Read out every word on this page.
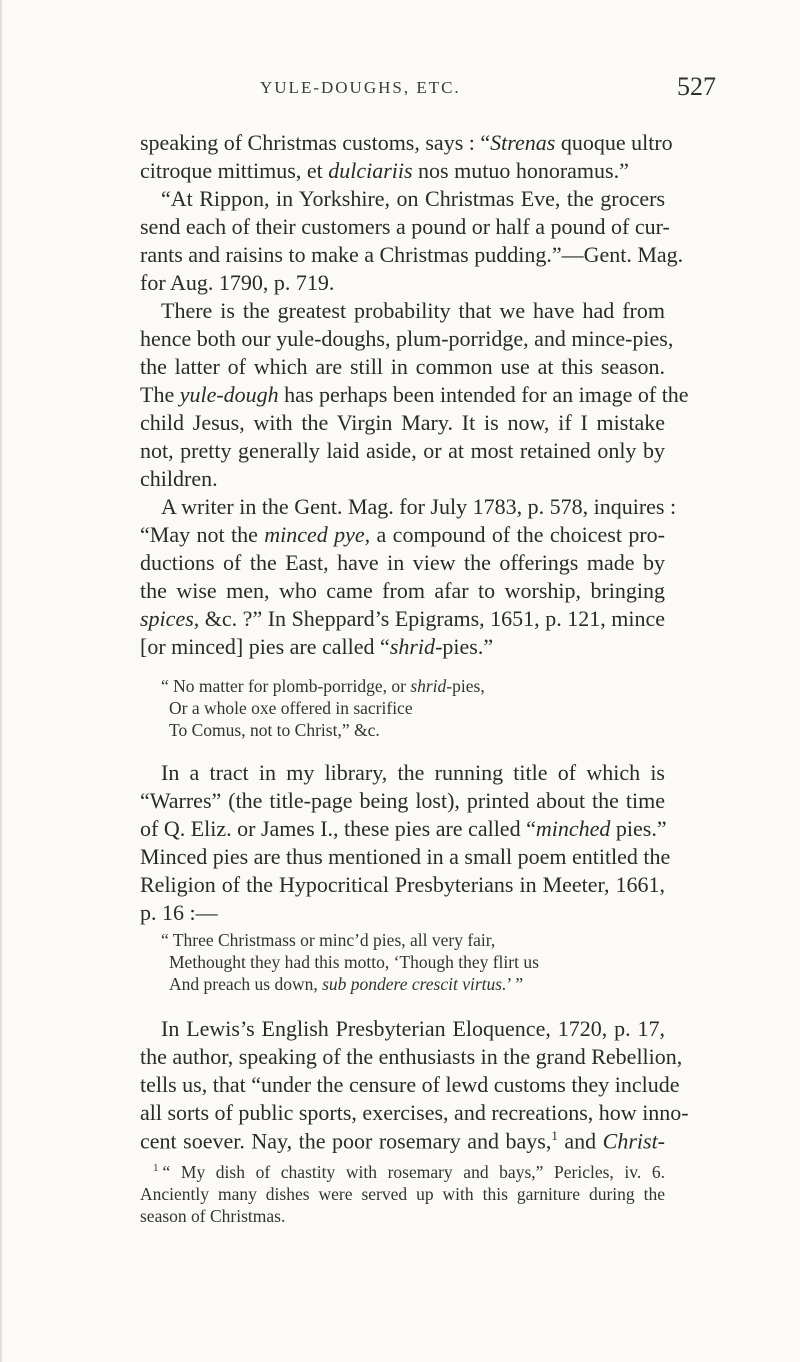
YULE-DOUGHS, ETC.	527
speaking of Christmas customs, says : “Strenas quoque ultro
citroque mittimus, et dulciariis nos mutuo honoramus.”
“At Rippon, in Yorkshire, on Christmas Eve, the grocers
send each of their customers a pound or half a pound of cur-
rants and raisins to make a Christmas pudding.”—Gent. Mag.
for Aug. 1790, p. 719.
There is the greatest probability that we have had from
hence both our yule-doughs, plum-porridge, and mince-pies,
the latter of which are still in common use at this season.
The yule-dough has perhaps been intended for an image of the
child Jesus, with the Virgin Mary. It is now, if I mistake
not, pretty generally laid aside, or at most retained only by
children.
A writer in the Gent. Mag. for July 1783, p. 578, inquires :
“May not the minced pye, a compound of the choicest pro-
ductions of the East, have in view the offerings made by
the wise men, who came from afar to worship, bringing
spices, &c. ?” In Sheppard’s Epigrams, 1651, p. 121, mince
[or minced] pies are called “shrid-pies.”
“ No matter for plomb-porridge, or shrid-pies,
Or a whole oxe offered in sacrifice
To Comus, not to Christ,” &c.
In a tract in my library, the running title of which is
“Warres” (the title-page being lost), printed about the time
of Q. Eliz. or James I., these pies are called “minched pies.”
Minced pies are thus mentioned in a small poem entitled the
Religion of the Hypocritical Presbyterians in Meeter, 1661,
p. 16 :—
“ Three Christmass or minc’d pies, all very fair,
Methought they had this motto, ‘Though they flirt us
And preach us down, sub pondere crescit virtus.’ ”
In Lewis’s English Presbyterian Eloquence, 1720, p. 17,
the author, speaking of the enthusiasts in the grand Rebellion,
tells us, that “under the censure of lewd customs they include
all sorts of public sports, exercises, and recreations, how inno-
cent soever. Nay, the poor rosemary and bays,$^1$ and Christ-
$^1$ “ My dish of chastity with rosemary and bays,” Pericles, iv. 6.
Anciently many dishes were served up with this garniture during the
season of Christmas.
